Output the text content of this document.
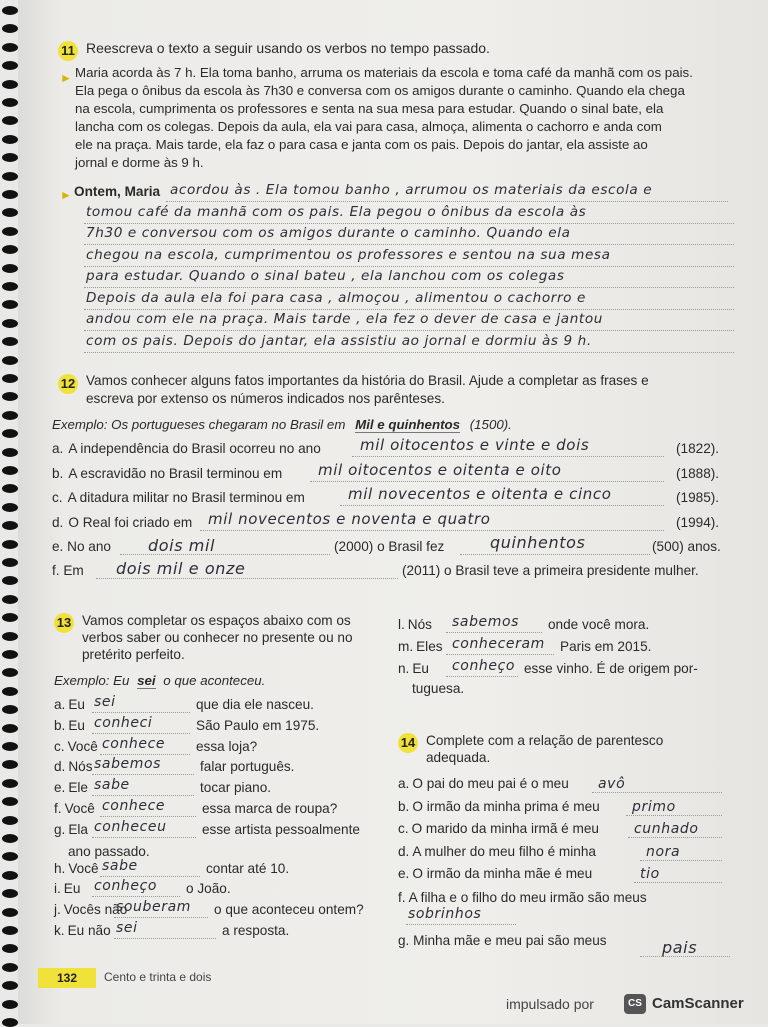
11 Reescreva o texto a seguir usando os verbos no tempo passado.
► Maria acorda às 7 h. Ela toma banho, arruma os materiais da escola e toma café da manhã com os pais.
Ela pega o ônibus da escola às 7h30 e conversa com os amigos durante o caminho. Quando ela chega
na escola, cumprimenta os professores e senta na sua mesa para estudar. Quando o sinal bate, ela
lancha com os colegas. Depois da aula, ela vai para casa, almoça, alimenta o cachorro e anda com
ele na praça. Mais tarde, ela faz o para casa e janta com os pais. Depois do jantar, ela assiste ao
jornal e dorme às 9 h.
► Ontem, Maria acordou às . Ela tomou banho , arrumou os materiais da escola e
tomou café da manhã com os pais. Ela pegou o ônibus da escola às
7h30 e conversou com os amigos durante o caminho. Quando ela
chegou na escola, cumprimentou os professores e sentou na sua mesa
para estudar. Quando o sinal bateu , ela lanchou com os colegas
Depois da aula ela foi para casa , almoçou , alimentou o cachorro e
andou com ele na praça. Mais tarde , ela fez o dever de casa e jantou
com os pais. Depois do jantar, ela assistiu ao jornal e dormiu às 9 h.
12 Vamos conhecer alguns fatos importantes da história do Brasil. Ajude a completar as frases e
escreva por extenso os números indicados nos parênteses.
Exemplo: Os portugueses chegaram no Brasil em Mil e quinhentos (1500).
a. A independência do Brasil ocorreu no ano	mil oitocentos e vinte e dois	(1822).
b. A escravidão no Brasil terminou em mil oitocentos e oitenta e oito	(1888).
c. A ditadura militar no Brasil terminou em	mil novecentos e oitenta e cinco	(1985).
d. O Real foi criado em mil novecentos e noventa e quatro	(1994).
e. No ano dois mil	(2000) o Brasil fez	quinhentos	(500) anos.
f. Em dois mil e onze	(2011) o Brasil teve a primeira presidente mulher.
13 Vamos completar os espaços abaixo com os
verbos saber ou conhecer no presente ou no
pretérito perfeito.
Exemplo: Eu sei o que aconteceu.
a. Eu sei	que dia ele nasceu.
b. Eu conheci	São Paulo em 1975.
c. Você conhece essa loja?
d. Nós sabemos	falar português.
e. Ele sabe	tocar piano.
f. Você conhece	essa marca de roupa?
g. Ela conheceu	esse artista pessoalmente
h. Você sabe	contar até 10.
i. Eu conheço o João.
j. Vocês não
souberam o que aconteceu ontem?
k. Eu não sei	a resposta.
ano passado.
l. Nós sabemos onde você mora.
m. Eles conheceram Paris em 2015.
n. Eu conheço esse vinho. É de origem por-
tuguesa.
14 Complete com a relação de parentesco
adequada.
a. O pai do meu pai é o meu avô
b. O irmão da minha prima é meu primo
c. O marido da minha irmã é meu	cunhado
d. A mulher do meu filho é minha	nora
e. O irmão da minha mãe é meu	tio
f. A filha e o filho do meu irmão são meus
sobrinhos
g. Minha mãe e meu pai são meus	pais
132	Cento e trinta e dois
impulsado por	CS CamScanner
